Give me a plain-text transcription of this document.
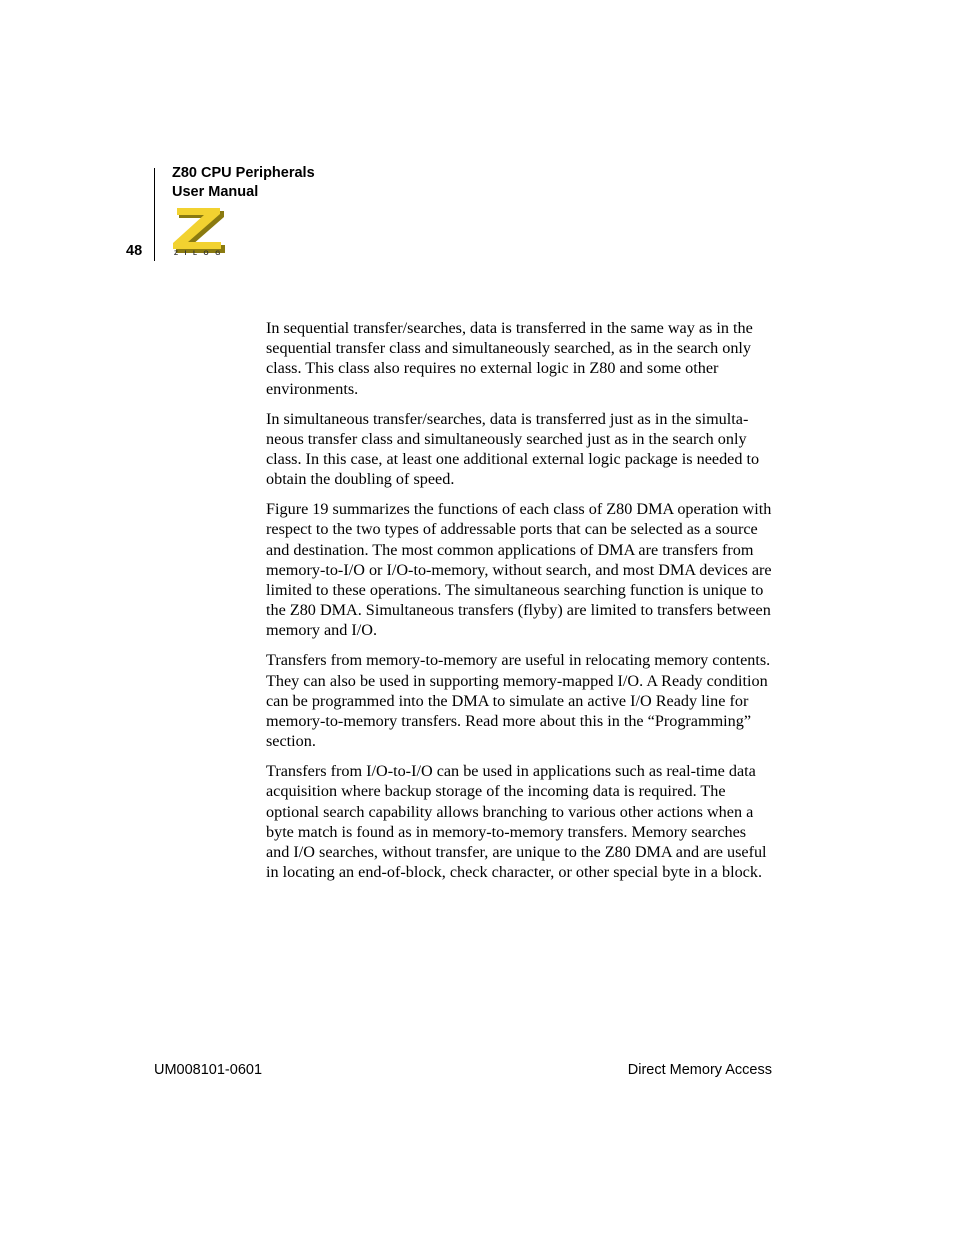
Z80 CPU Peripherals
User Manual
48	ZILOG

In sequential transfer/searches, data is transferred in the same way as in the sequential transfer class and simultaneously searched, as in the search only class. This class also requires no external logic in Z80 and some other environments.

In simultaneous transfer/searches, data is transferred just as in the simulta-neous transfer class and simultaneously searched just as in the search only class. In this case, at least one additional external logic package is needed to obtain the doubling of speed.

Figure 19 summarizes the functions of each class of Z80 DMA operation with respect to the two types of addressable ports that can be selected as a source and destination. The most common applications of DMA are transfers from memory-to-I/O or I/O-to-memory, without search, and most DMA devices are limited to these operations. The simultaneous searching function is unique to the Z80 DMA. Simultaneous transfers (flyby) are limited to transfers between memory and I/O.

Transfers from memory-to-memory are useful in relocating memory contents. They can also be used in supporting memory-mapped I/O. A Ready condition can be programmed into the DMA to simulate an active I/O Ready line for memory-to-memory transfers. Read more about this in the “Programming” section.

Transfers from I/O-to-I/O can be used in applications such as real-time data acquisition where backup storage of the incoming data is required. The optional search capability allows branching to various other actions when a byte match is found as in memory-to-memory transfers. Memory searches and I/O searches, without transfer, are unique to the Z80 DMA and are useful in locating an end-of-block, check character, or other special byte in a block.

UM008101-0601	Direct Memory Access
